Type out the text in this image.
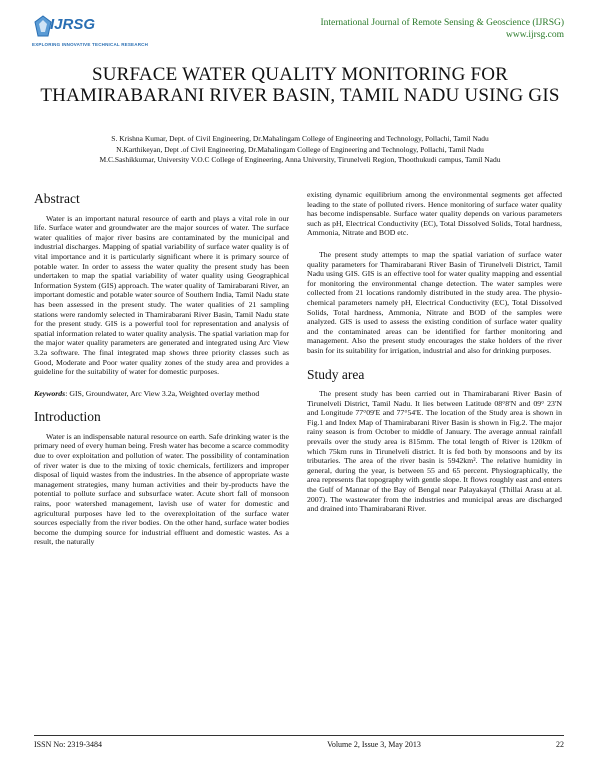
IJRSG
EXPLORING INNOVATIVE TECHNICAL RESEARCH
International Journal of Remote Sensing & Geoscience (IJRSG)
www.ijrsg.com
SURFACE WATER QUALITY MONITORING FOR THAMIRABARANI RIVER BASIN, TAMIL NADU USING GIS
S. Krishna Kumar, Dept. of Civil Engineering, Dr.Mahalingam College of Engineering and Technology, Pollachi, Tamil Nadu
N.Karthikeyan, Dept .of Civil Engineering, Dr.Mahalingam College of Engineering and Technology, Pollachi, Tamil Nadu
M.C.Sashikkumar, University V.O.C College of Engineering, Anna University, Tirunelveli Region, Thoothukudi campus, Tamil Nadu
Abstract

Water is an important natural resource of earth and plays a vital role in our life. Surface water and groundwater are the major sources of water. The surface water qualities of major river basins are contaminated by the municipal and industrial discharges. Mapping of spatial variability of surface water quality is of vital importance and it is particularly significant where it is primary source of potable water. In order to assess the water quality the present study has been undertaken to map the spatial variability of water quality using Geographical Information System (GIS) approach. The water quality of Tamirabarani River, an important domestic and potable water source of Southern India, Tamil Nadu state has been assessed in the present study. The water qualities of 21 sampling stations were randomly selected in Thamirabarani River Basin, Tamil Nadu state for the present study. GIS is a powerful tool for representation and analysis of spatial information related to water quality analysis. The spatial variation map for the major water quality parameters are generated and integrated using Arc View 3.2a software. The final integrated map shows three priority classes such as Good, Moderate and Poor water quality zones of the study area and provides a guideline for the suitability of water for domestic purposes.

Keywords: GIS, Groundwater, Arc View 3.2a, Weighted overlay method

Introduction

Water is an indispensable natural resource on earth. Safe drinking water is the primary need of every human being. Fresh water has become a scarce commodity due to over exploitation and pollution of water. The possibility of contamination of river water is due to the mixing of toxic chemicals, fertilizers and improper disposal of liquid wastes from the industries. In the absence of appropriate waste management strategies, many human activities and their by-products have the potential to pollute surface and subsurface water. Acute short fall of monsoon rains, poor watershed management, lavish use of water for domestic and agricultural purposes have led to the overexploitation of the surface water sources especially from the river bodies. On the other hand, surface water bodies become the dumping source for industrial effluent and domestic wastes. As a result, the naturally

existing dynamic equilibrium among the environmental segments get affected leading to the state of polluted rivers. Hence monitoring of surface water quality has become indispensable. Surface water quality depends on various parameters such as pH, Electrical Conductivity (EC), Total Dissolved Solids, Total hardness, Ammonia, Nitrate and BOD etc.

The present study attempts to map the spatial variation of surface water quality parameters for Thamirabarani River Basin of Tirunelveli District, Tamil Nadu using GIS. GIS is an effective tool for water quality mapping and essential for monitoring the environmental change detection. The water samples were collected from 21 locations randomly distributed in the study area. The physio-chemical parameters namely pH, Electrical Conductivity (EC), Total Dissolved Solids, Total hardness, Ammonia, Nitrate and BOD of the samples were analyzed. GIS is used to assess the existing condition of surface water quality and the contaminated areas can be identified for farther monitoring and management. Also the present study encourages the stake holders of the river basin for its suitability for irrigation, industrial and also for drinking purposes.

Study area

The present study has been carried out in Thamirabarani River Basin of Tirunelveli District, Tamil Nadu. It lies between Latitude 08°8'N and 09° 23'N and Longitude 77°09'E and 77°54'E. The location of the Study area is shown in Fig.1 and Index Map of Thamirabarani River Basin is shown in Fig.2. The major rainy season is from October to middle of January. The average annual rainfall prevails over the study area is 815mm. The total length of River is 120km of which 75km runs in Tirunelveli district. It is fed both by monsoons and by its tributaries. The area of the river basin is 5942km². The relative humidity in general, during the year, is between 55 and 65 percent. Physiographically, the area represents flat topography with gentle slope. It flows roughly east and enters the Gulf of Mannar of the Bay of Bengal near Palayakayal (Thillai Arasu at al. 2007). The wastewater from the industries and municipal areas are discharged and drained into Thamirabarani River.

ISSN No: 2319-3484	Volume 2, Issue 3, May 2013	22
